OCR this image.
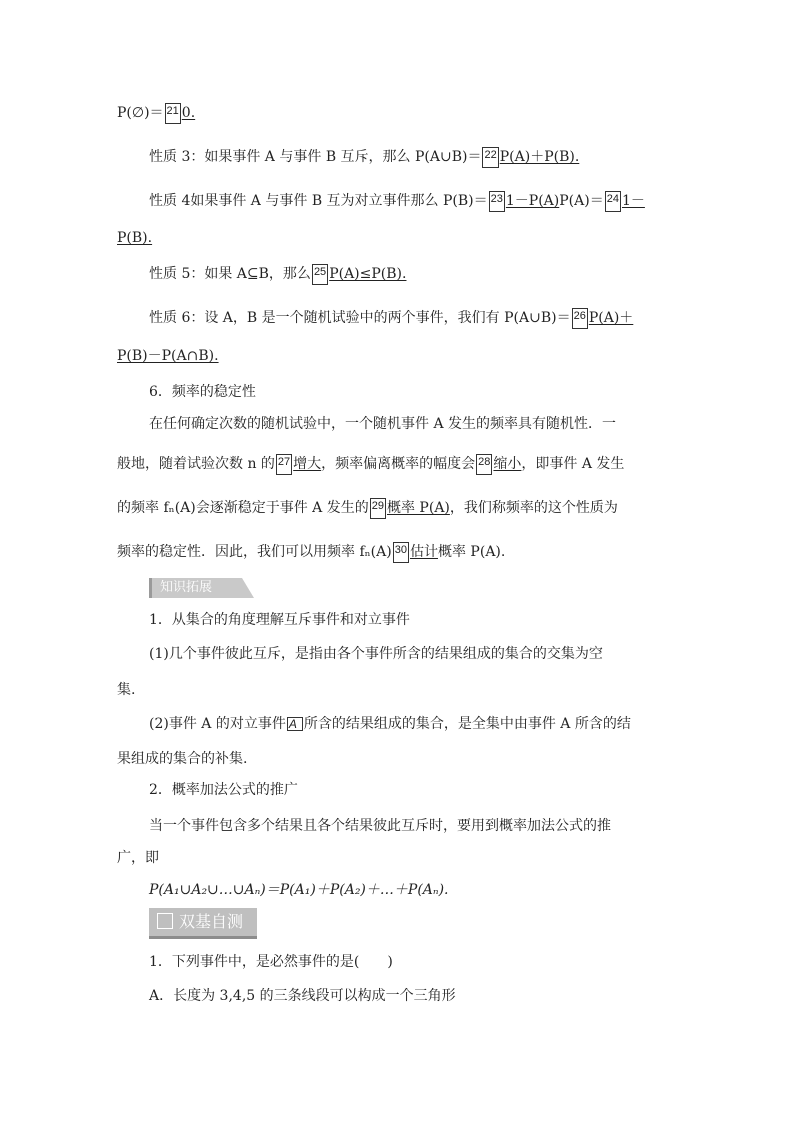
P(∅)＝ 21 0.
性质 3：如果事件 A 与事件 B 互斥，那么 P(A∪B)＝ 22 P(A)＋P(B).
性质 4如果事件 A 与事件 B 互为对立事件那么 P(B)＝ 23 1－P(A)P(A)＝ 24 1－
P(B).
性质 5：如果 A⊆B，那么 25 P(A)≤P(B).
性质 6：设 A，B 是一个随机试验中的两个事件，我们有 P(A∪B)＝ 26 P(A)＋
P(B)－P(A∩B).
6．频率的稳定性
在任何确定次数的随机试验中，一个随机事件 A 发生的频率具有随机性．一
般地，随着试验次数 n 的 27 增大，频率偏离概率的幅度会 28 缩小，即事件 A 发生
的频率 fₙ(A)会逐渐稳定于事件 A 发生的 29 概率 P(A)，我们称频率的这个性质为
频率的稳定性．因此，我们可以用频率 fₙ(A) 30 估计概率 P(A).
知识拓展
1．从集合的角度理解互斥事件和对立事件
(1)几个事件彼此互斥，是指由各个事件所含的结果组成的集合的交集为空
集.
(2)事件 A 的对立事件 A 所含的结果组成的集合，是全集中由事件 A 所含的结
果组成的集合的补集.
2．概率加法公式的推广
当一个事件包含多个结果且各个结果彼此互斥时，要用到概率加法公式的推
广，即
P(A₁∪A₂∪…∪Aₙ)＝P(A₁)＋P(A₂)＋…＋P(Aₙ).
双基自测
1．下列事件中，是必然事件的是(　　)
A．长度为 3,4,5 的三条线段可以构成一个三角形
